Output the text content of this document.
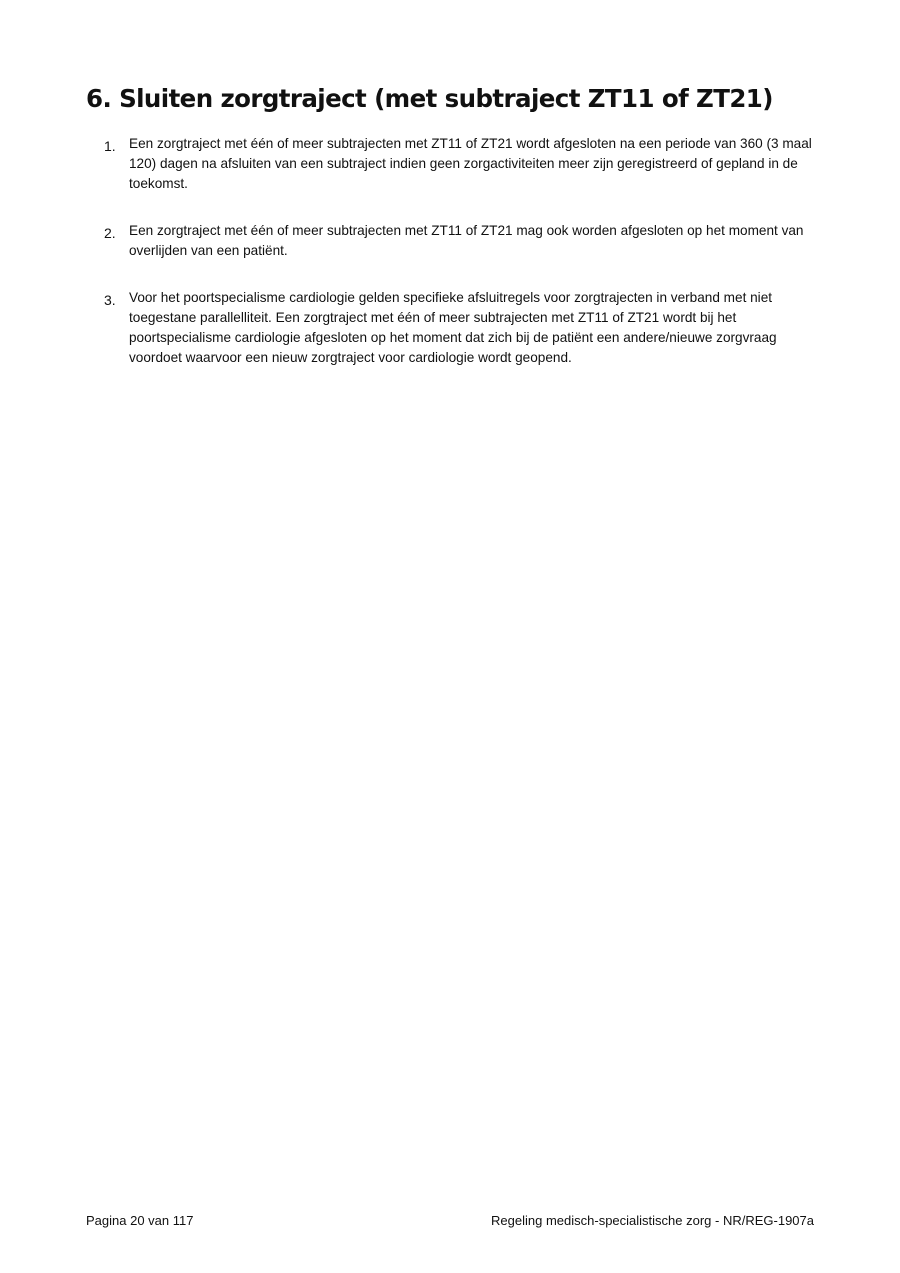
6. Sluiten zorgtraject (met subtraject ZT11 of ZT21)
1. Een zorgtraject met één of meer subtrajecten met ZT11 of ZT21 wordt afgesloten na een periode van 360 (3 maal 120) dagen na afsluiten van een subtraject indien geen zorgactiviteiten meer zijn geregistreerd of gepland in de toekomst.
2. Een zorgtraject met één of meer subtrajecten met ZT11 of ZT21 mag ook worden afgesloten op het moment van overlijden van een patiënt.
3. Voor het poortspecialisme cardiologie gelden specifieke afsluitregels voor zorgtrajecten in verband met niet toegestane parallelliteit. Een zorgtraject met één of meer subtrajecten met ZT11 of ZT21 wordt bij het poortspecialisme cardiologie afgesloten op het moment dat zich bij de patiënt een andere/nieuwe zorgvraag voordoet waarvoor een nieuw zorgtraject voor cardiologie wordt geopend.
Pagina 20 van 117	Regeling medisch-specialistische zorg - NR/REG-1907a
